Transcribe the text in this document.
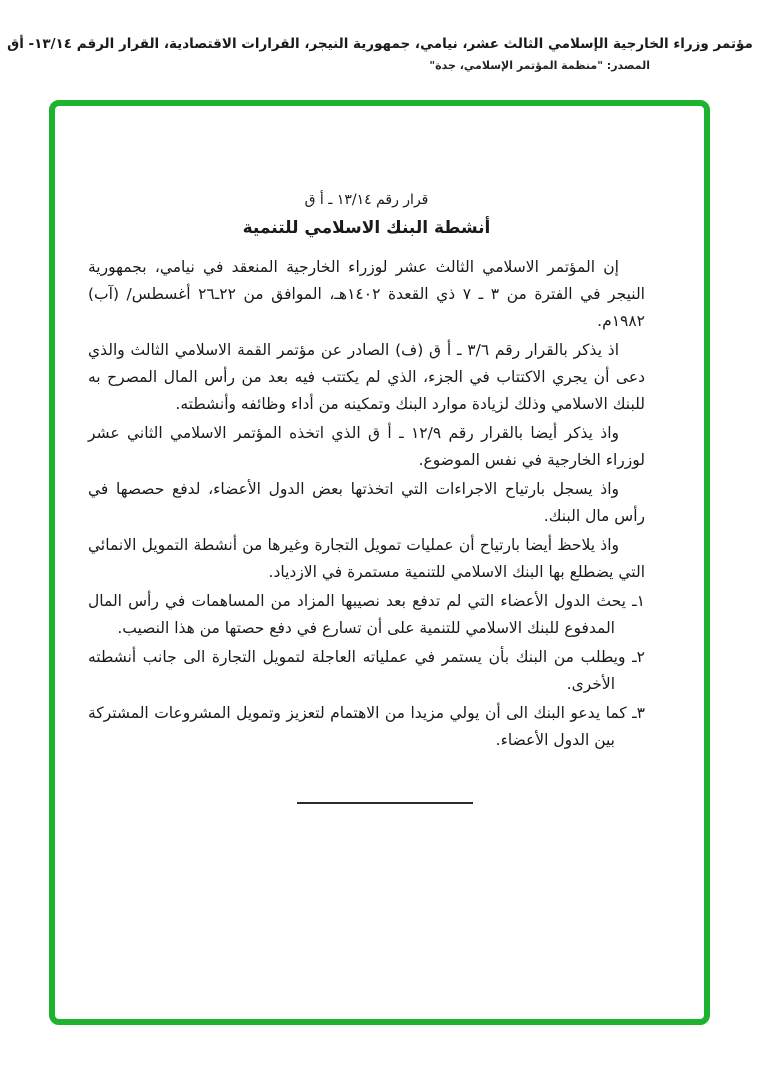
مؤتمر وزراء الخارجية الإسلامي الثالث عشر، نيامي، جمهورية النيجر، القرارات الاقتصادية، القرار الرقم ١٣/١٤- أق
المصدر: "منظمة المؤتمر الإسلامي، جدة"
قرار رقم ١٣/١٤ ـ أ ق
أنشطة البنك الاسلامي للتنمية

إن المؤتمر الاسلامي الثالث عشر لوزراء الخارجية المنعقد في نيامي، بجمهورية النيجر في الفترة من ٣ ـ ٧ ذي القعدة ١٤٠٢هـ، الموافق من ٢٢ـ٢٦ أغسطس/ (آب) ١٩٨٢م.

اذ يذكر بالقرار رقم ٣/٦ ـ أ ق (ف) الصادر عن مؤتمر القمة الاسلامي الثالث والذي دعى أن يجري الاكتتاب في الجزء، الذي لم يكتتب فيه بعد من رأس المال المصرح به للبنك الاسلامي وذلك لزيادة موارد البنك وتمكينه من أداء وظائفه وأنشطته.

واذ يذكر أيضا بالقرار رقم ١٢/٩ ـ أ ق الذي اتخذه المؤتمر الاسلامي الثاني عشر لوزراء الخارجية في نفس الموضوع.

واذ يسجل بارتياح الاجراءات التي اتخذتها بعض الدول الأعضاء، لدفع حصصها في رأس مال البنك.

واذ يلاحظ أيضا بارتياح أن عمليات تمويل التجارة وغيرها من أنشطة التمويل الانمائي التي يضطلع بها البنك الاسلامي للتنمية مستمرة في الازدياد.

١ـ يحث الدول الأعضاء التي لم تدفع بعد نصيبها المزاد من المساهمات في رأس المال المدفوع للبنك الاسلامي للتنمية على أن تسارع في دفع حصتها من هذا النصيب.

٢ـ ويطلب من البنك بأن يستمر في عملياته العاجلة لتمويل التجارة الى جانب أنشطته الأخرى.

٣ـ كما يدعو البنك الى أن يولي مزيدا من الاهتمام لتعزيز وتمويل المشروعات المشتركة بين الدول الأعضاء.
